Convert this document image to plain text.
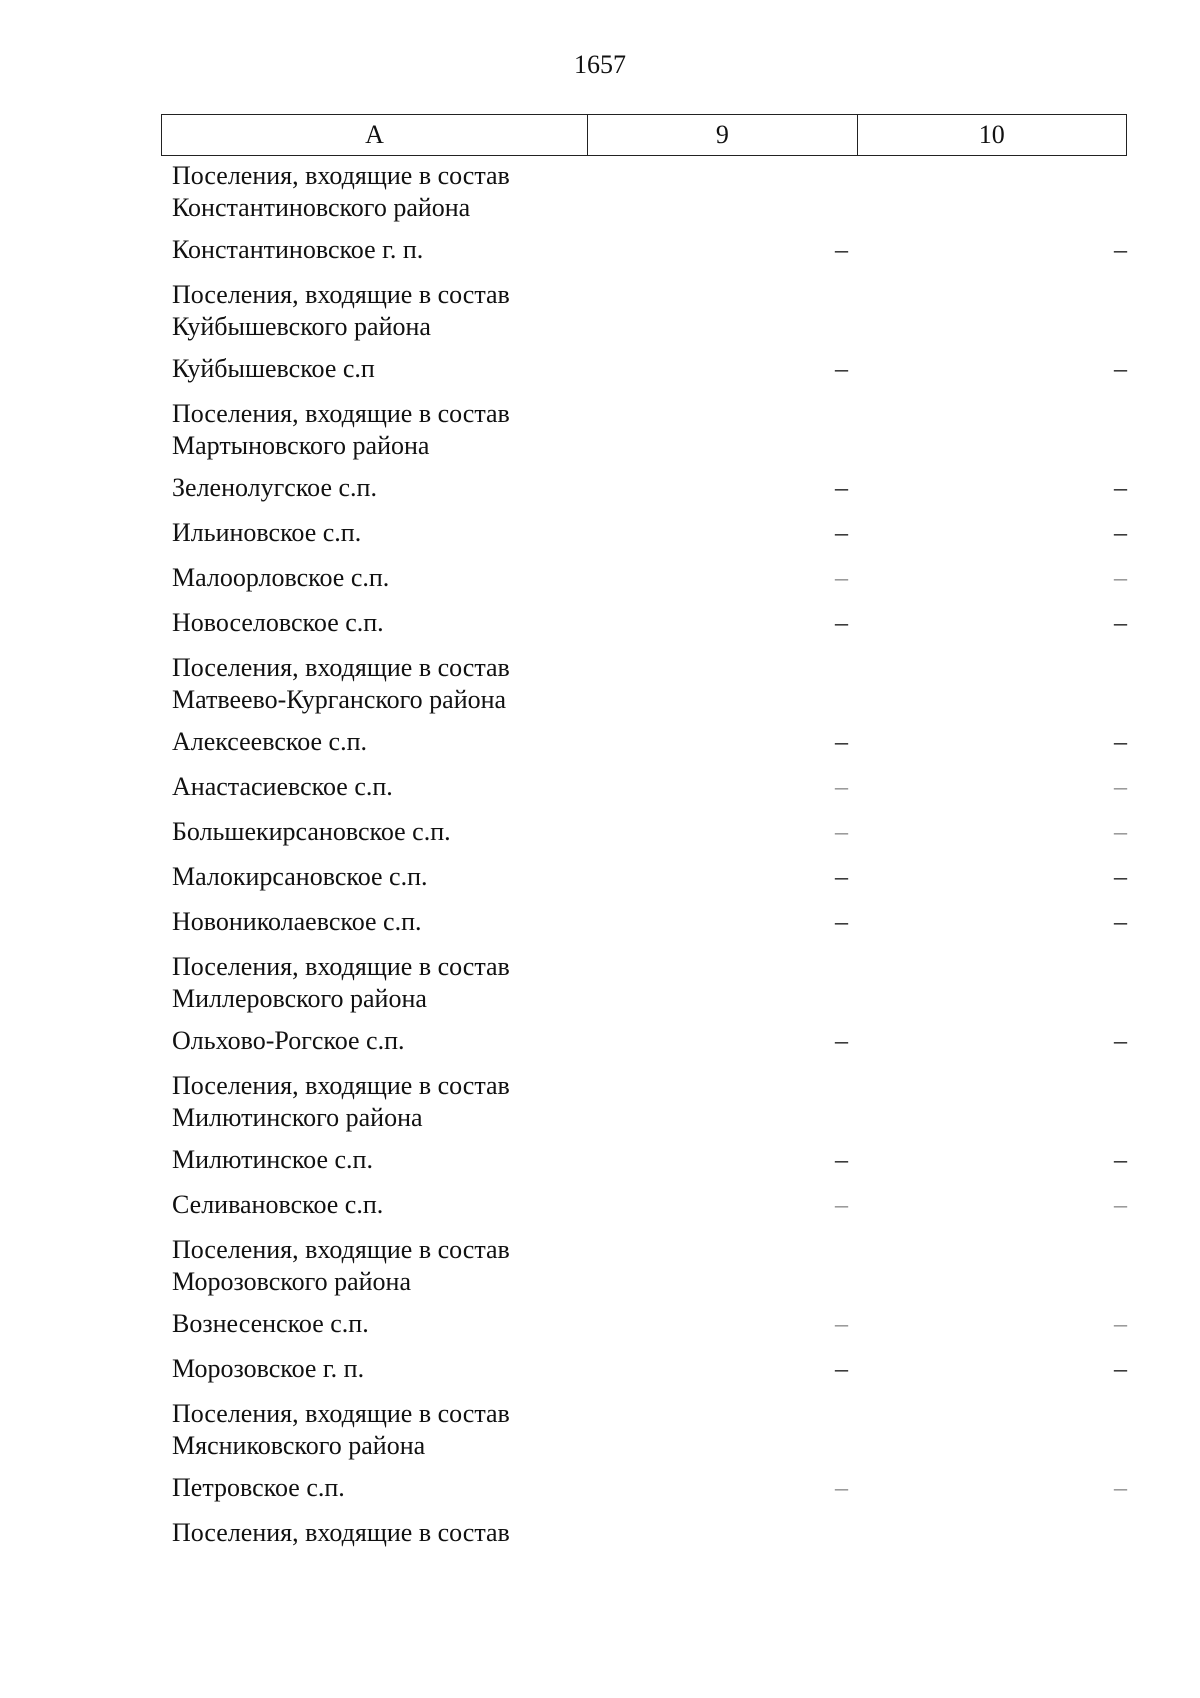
1657
А	9	10
Поселения, входящие в состав Константиновского района
Константиновское г. п.	–	–
Поселения, входящие в состав Куйбышевского района
Куйбышевское с.п	–	–
Поселения, входящие в состав Мартыновского района
Зеленолугское с.п.	–	–
Ильиновское с.п.	–	–
Малоорловское с.п.	–	–
Новоселовское с.п.	–	–
Поселения, входящие в состав Матвеево-Курганского района
Алексеевское с.п.	–	–
Анастасиевское с.п.	–	–
Большекирсановское с.п.	–	–
Малокирсановское с.п.	–	–
Новониколаевское с.п.	–	–
Поселения, входящие в состав Миллеровского района
Ольхово-Рогское с.п.	–	–
Поселения, входящие в состав Милютинского района
Милютинское с.п.	–	–
Селивановское с.п.	–	–
Поселения, входящие в состав Морозовского района
Вознесенское с.п.	–	–
Морозовское г. п.	–	–
Поселения, входящие в состав Мясниковского района
Петровское с.п.	–	–
Поселения, входящие в состав
